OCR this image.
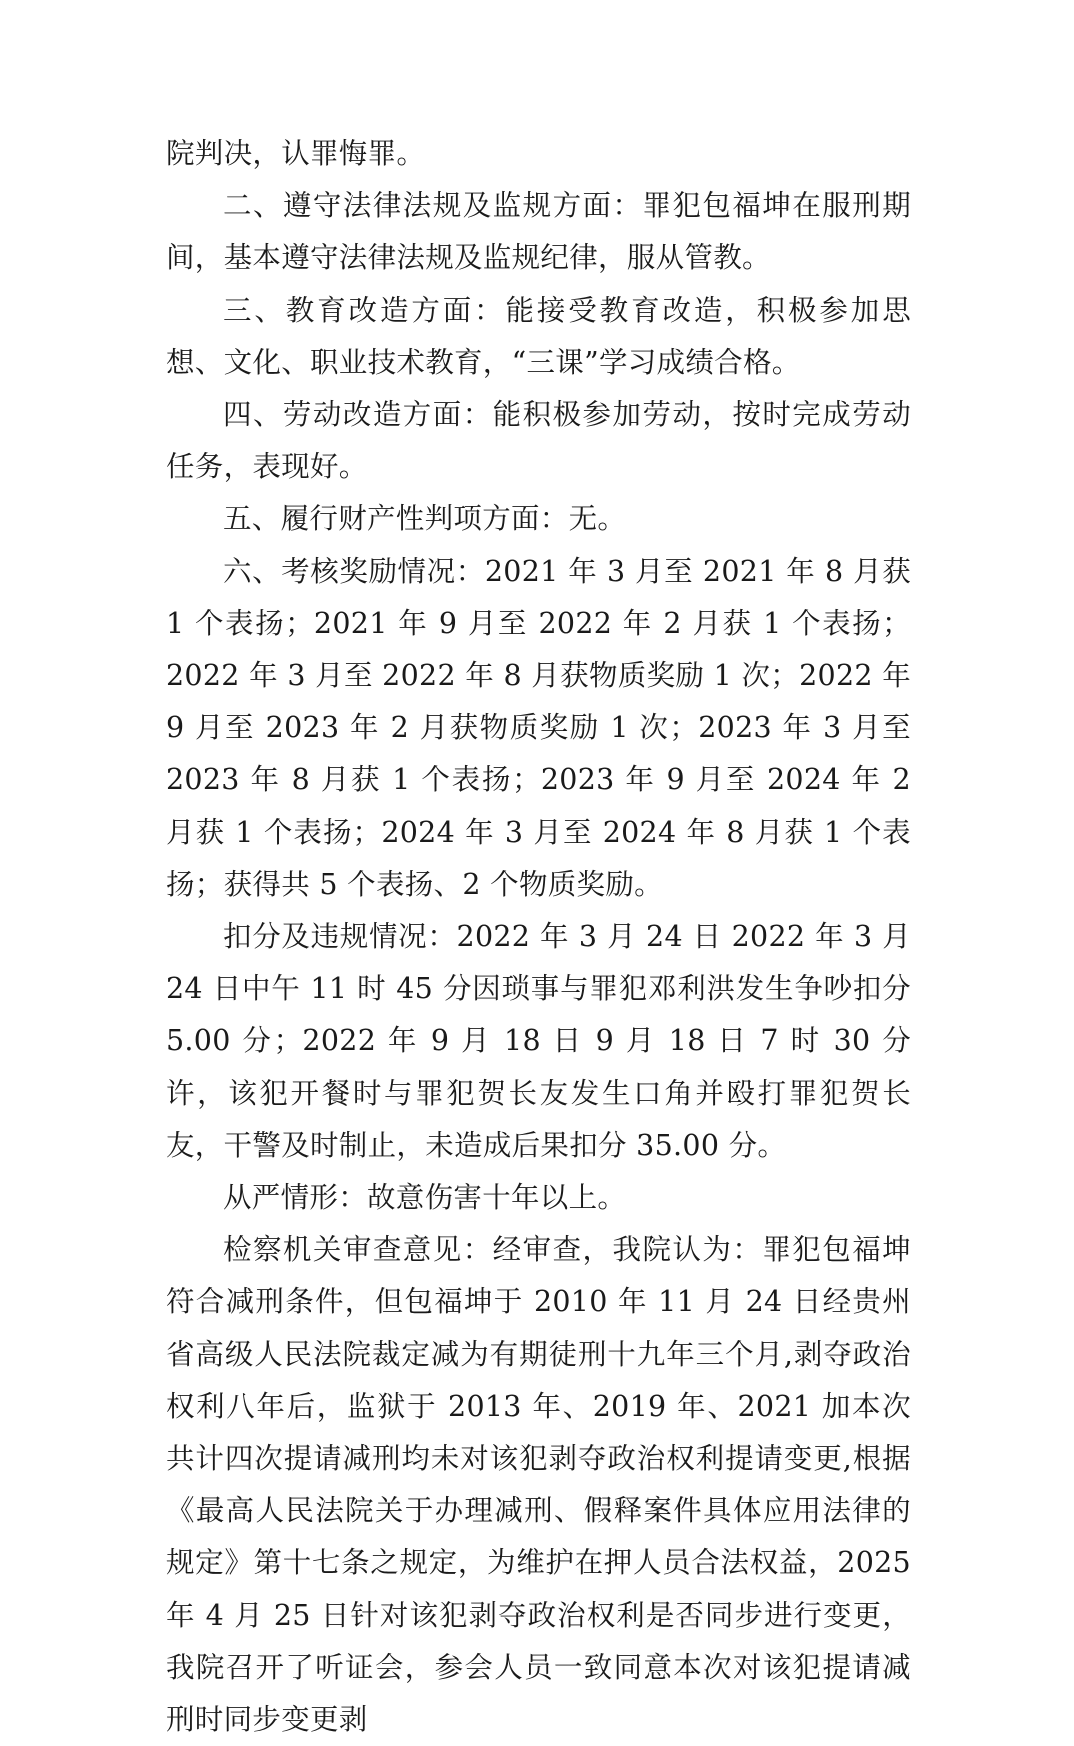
院判决，认罪悔罪。

二、遵守法律法规及监规方面：罪犯包福坤在服刑期间，基本遵守法律法规及监规纪律，服从管教。

三、教育改造方面：能接受教育改造，积极参加思想、文化、职业技术教育，“三课”学习成绩合格。

四、劳动改造方面：能积极参加劳动，按时完成劳动任务，表现好。

五、履行财产性判项方面：无。

六、考核奖励情况：2021 年 3 月至 2021 年 8 月获 1 个表扬；2021 年 9 月至 2022 年 2 月获 1 个表扬；2022 年 3 月至 2022 年 8 月获物质奖励 1 次；2022 年 9 月至 2023 年 2 月获物质奖励 1 次；2023 年 3 月至 2023 年 8 月获 1 个表扬；2023 年 9 月至 2024 年 2 月获 1 个表扬；2024 年 3 月至 2024 年 8 月获 1 个表扬；获得共 5 个表扬、2 个物质奖励。

扣分及违规情况：2022 年 3 月 24 日 2022 年 3 月 24 日中午 11 时 45 分因琐事与罪犯邓利洪发生争吵扣分 5.00 分；2022 年 9 月 18 日 9 月 18 日 7 时 30 分许，该犯开餐时与罪犯贺长友发生口角并殴打罪犯贺长友，干警及时制止，未造成后果扣分 35.00 分。

从严情形：故意伤害十年以上。

检察机关审查意见：经审查，我院认为：罪犯包福坤符合减刑条件，但包福坤于 2010 年 11 月 24 日经贵州省高级人民法院裁定减为有期徒刑十九年三个月,剥夺政治权利八年后，监狱于 2013 年、2019 年、2021 加本次共计四次提请减刑均未对该犯剥夺政治权利提请变更,根据《最高人民法院关于办理减刑、假释案件具体应用法律的规定》第十七条之规定，为维护在押人员合法权益，2025 年 4 月 25 日针对该犯剥夺政治权利是否同步进行变更，我院召开了听证会，参会人员一致同意本次对该犯提请减刑时同步变更剥
